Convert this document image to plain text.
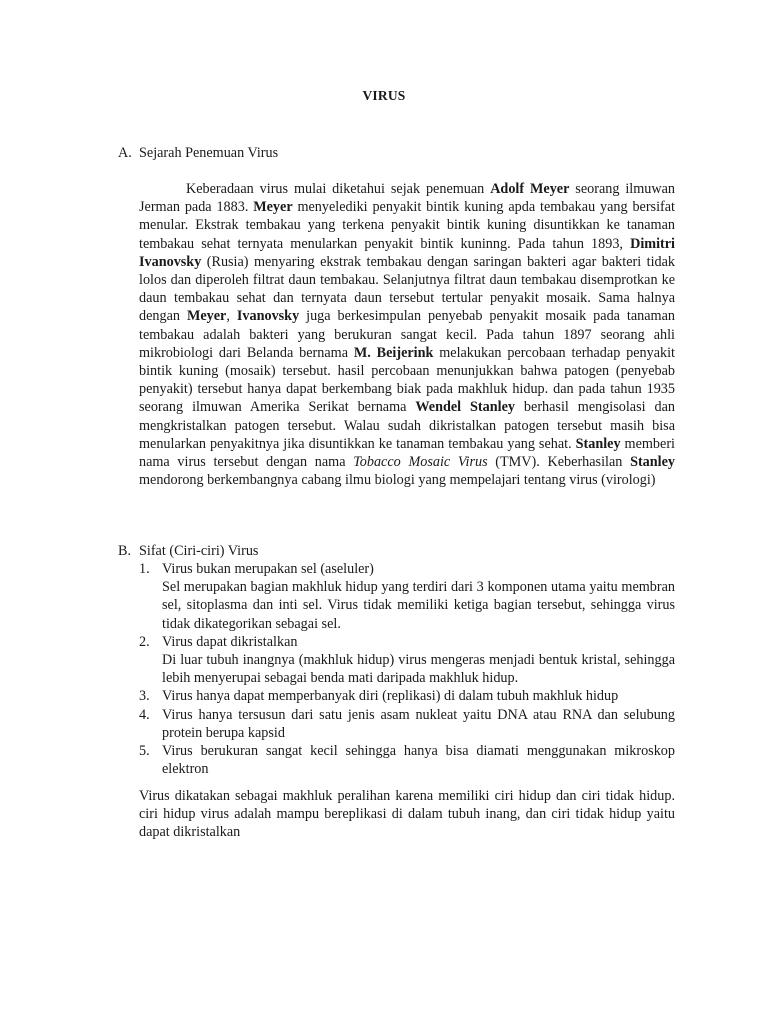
VIRUS
A. Sejarah Penemuan Virus

Keberadaan virus mulai diketahui sejak penemuan Adolf Meyer seorang ilmuwan Jerman pada 1883. Meyer menyeledikі penyakit bintik kuning apda tembakau yang bersifat menular. Ekstrak tembakau yang terkena penyakit bintik kuning disuntikkan ke tanaman tembakau sehat ternyata menularkan penyakit bintik kuninng. Pada tahun 1893, Dimitri Ivanovsky (Rusia) menyaring ekstrak tembakau dengan saringan bakteri agar bakteri tidak lolos dan diperoleh filtrat daun tembakau. Selanjutnya filtrat daun tembakau disemprotkan ke daun tembakau sehat dan ternyata daun tersebut tertular penyakit mosaik. Sama halnya dengan Meyer, Ivanovsky juga berkesimpulan penyebab penyakit mosaik pada tanaman tembakau adalah bakteri yang berukuran sangat kecil. Pada tahun 1897 seorang ahli mikrobiologi dari Belanda bernama M. Beijerink melakukan percobaan terhadap penyakit bintik kuning (mosaik) tersebut. hasil percobaan menunjukkan bahwa patogen (penyebab penyakit) tersebut hanya dapat berkembang biak pada makhluk hidup. dan pada tahun 1935 seorang ilmuwan Amerika Serikat bernama Wendel Stanley berhasil mengisolasi dan mengkristalkan patogen tersebut. Walau sudah dikristalkan patogen tersebut masih bisa menularkan penyakitnya jika disuntikkan ke tanaman tembakau yang sehat. Stanley memberi nama virus tersebut dengan nama Tobacco Mosaic Virus (TMV). Keberhasilan Stanley mendorong berkembangnya cabang ilmu biologi yang mempelajari tentang virus (virologi)

B. Sifat (Ciri-ciri) Virus
1. Virus bukan merupakan sel (aseluler)
Sel merupakan bagian makhluk hidup yang terdiri dari 3 komponen utama yaitu membran sel, sitoplasma dan inti sel. Virus tidak memiliki ketiga bagian tersebut, sehingga virus tidak dikategorikan sebagai sel.
2. Virus dapat dikristalkan
Di luar tubuh inangnya (makhluk hidup) virus mengeras menjadi bentuk kristal, sehingga lebih menyerupai sebagai benda mati daripada makhluk hidup.
3. Virus hanya dapat memperbanyak diri (replikasi) di dalam tubuh makhluk hidup
4. Virus hanya tersusun dari satu jenis asam nukleat yaitu DNA atau RNA dan selubung protein berupa kapsid
5. Virus berukuran sangat kecil sehingga hanya bisa diamati menggunakan mikroskop elektron

Virus dikatakan sebagai makhluk peralihan karena memiliki ciri hidup dan ciri tidak hidup. ciri hidup virus adalah mampu bereplikasi di dalam tubuh inang, dan ciri tidak hidup yaitu dapat dikristalkan
